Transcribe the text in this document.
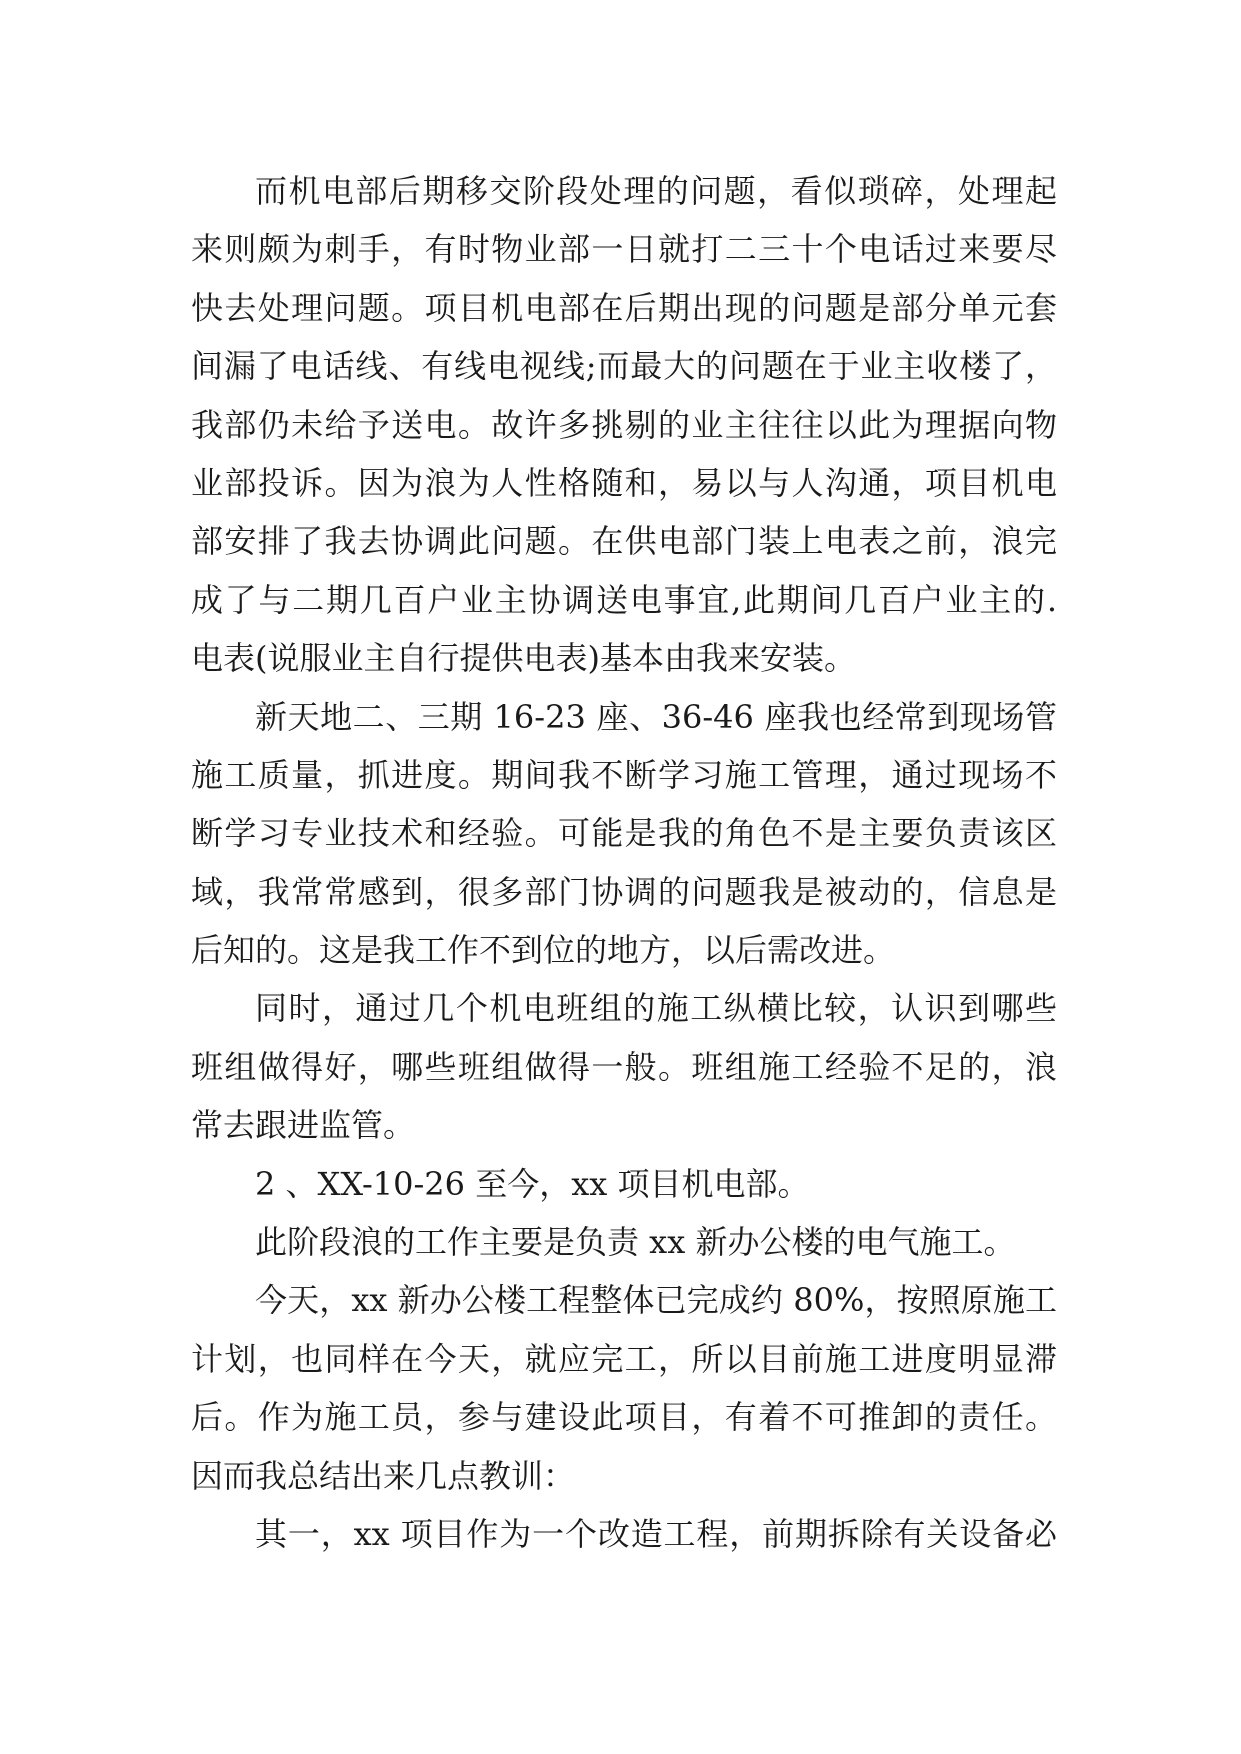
而机电部后期移交阶段处理的问题，看似琐碎，处理起
来则颇为刺手，有时物业部一日就打二三十个电话过来要尽
快去处理问题。项目机电部在后期出现的问题是部分单元套
间漏了电话线、有线电视线;而最大的问题在于业主收楼了，
我部仍未给予送电。故许多挑剔的业主往往以此为理据向物
业部投诉。因为浪为人性格随和，易以与人沟通，项目机电
部安排了我去协调此问题。在供电部门装上电表之前，浪完
成了与二期几百户业主协调送电事宜,此期间几百户业主的.
电表(说服业主自行提供电表)基本由我来安装。
新天地二、三期 16-23 座、36-46 座我也经常到现场管
施工质量，抓进度。期间我不断学习施工管理，通过现场不
断学习专业技术和经验。可能是我的角色不是主要负责该区
域，我常常感到，很多部门协调的问题我是被动的，信息是
后知的。这是我工作不到位的地方，以后需改进。
同时，通过几个机电班组的施工纵横比较，认识到哪些
班组做得好，哪些班组做得一般。班组施工经验不足的，浪
常去跟进监管。
2 、XX-10-26 至今，xx 项目机电部。
此阶段浪的工作主要是负责 xx 新办公楼的电气施工。
今天，xx 新办公楼工程整体已完成约 80%，按照原施工
计划，也同样在今天，就应完工，所以目前施工进度明显滞
后。作为施工员，参与建设此项目，有着不可推卸的责任。
因而我总结出来几点教训：
其一，xx 项目作为一个改造工程，前期拆除有关设备必
